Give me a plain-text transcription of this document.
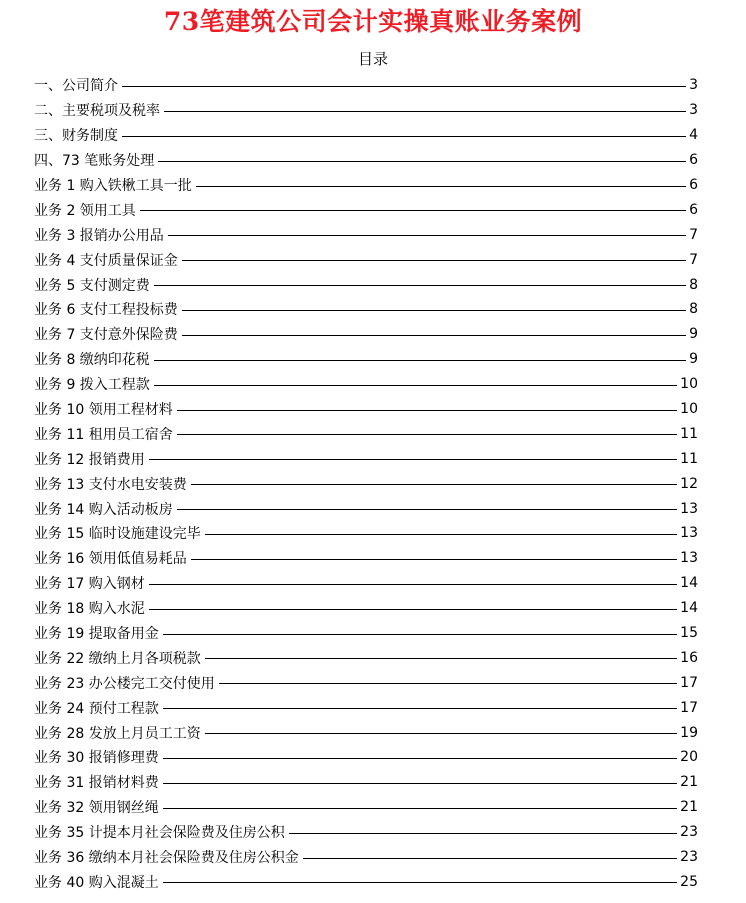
73笔建筑公司会计实操真账业务案例
目录
一、公司简介	3
二、主要税项及税率	3
三、财务制度	4
四、73 笔账务处理	6
业务 1 购入铁楸工具一批	6
业务 2 领用工具	6
业务 3 报销办公用品	7
业务 4 支付质量保证金	7
业务 5 支付测定费	8
业务 6 支付工程投标费	8
业务 7 支付意外保险费	9
业务 8 缴纳印花税	9
业务 9 拨入工程款	10
业务 10 领用工程材料	10
业务 11 租用员工宿舍	11
业务 12 报销费用	11
业务 13 支付水电安装费	12
业务 14 购入活动板房	13
业务 15 临时设施建设完毕	13
业务 16 领用低值易耗品	13
业务 17 购入钢材	14
业务 18 购入水泥	14
业务 19 提取备用金	15
业务 22 缴纳上月各项税款	16
业务 23 办公楼完工交付使用	17
业务 24 预付工程款	17
业务 28 发放上月员工工资	19
业务 30 报销修理费	20
业务 31 报销材料费	21
业务 32 领用钢丝绳	21
业务 35 计提本月社会保险费及住房公积	23
业务 36 缴纳本月社会保险费及住房公积金	23
业务 40 购入混凝土	25
